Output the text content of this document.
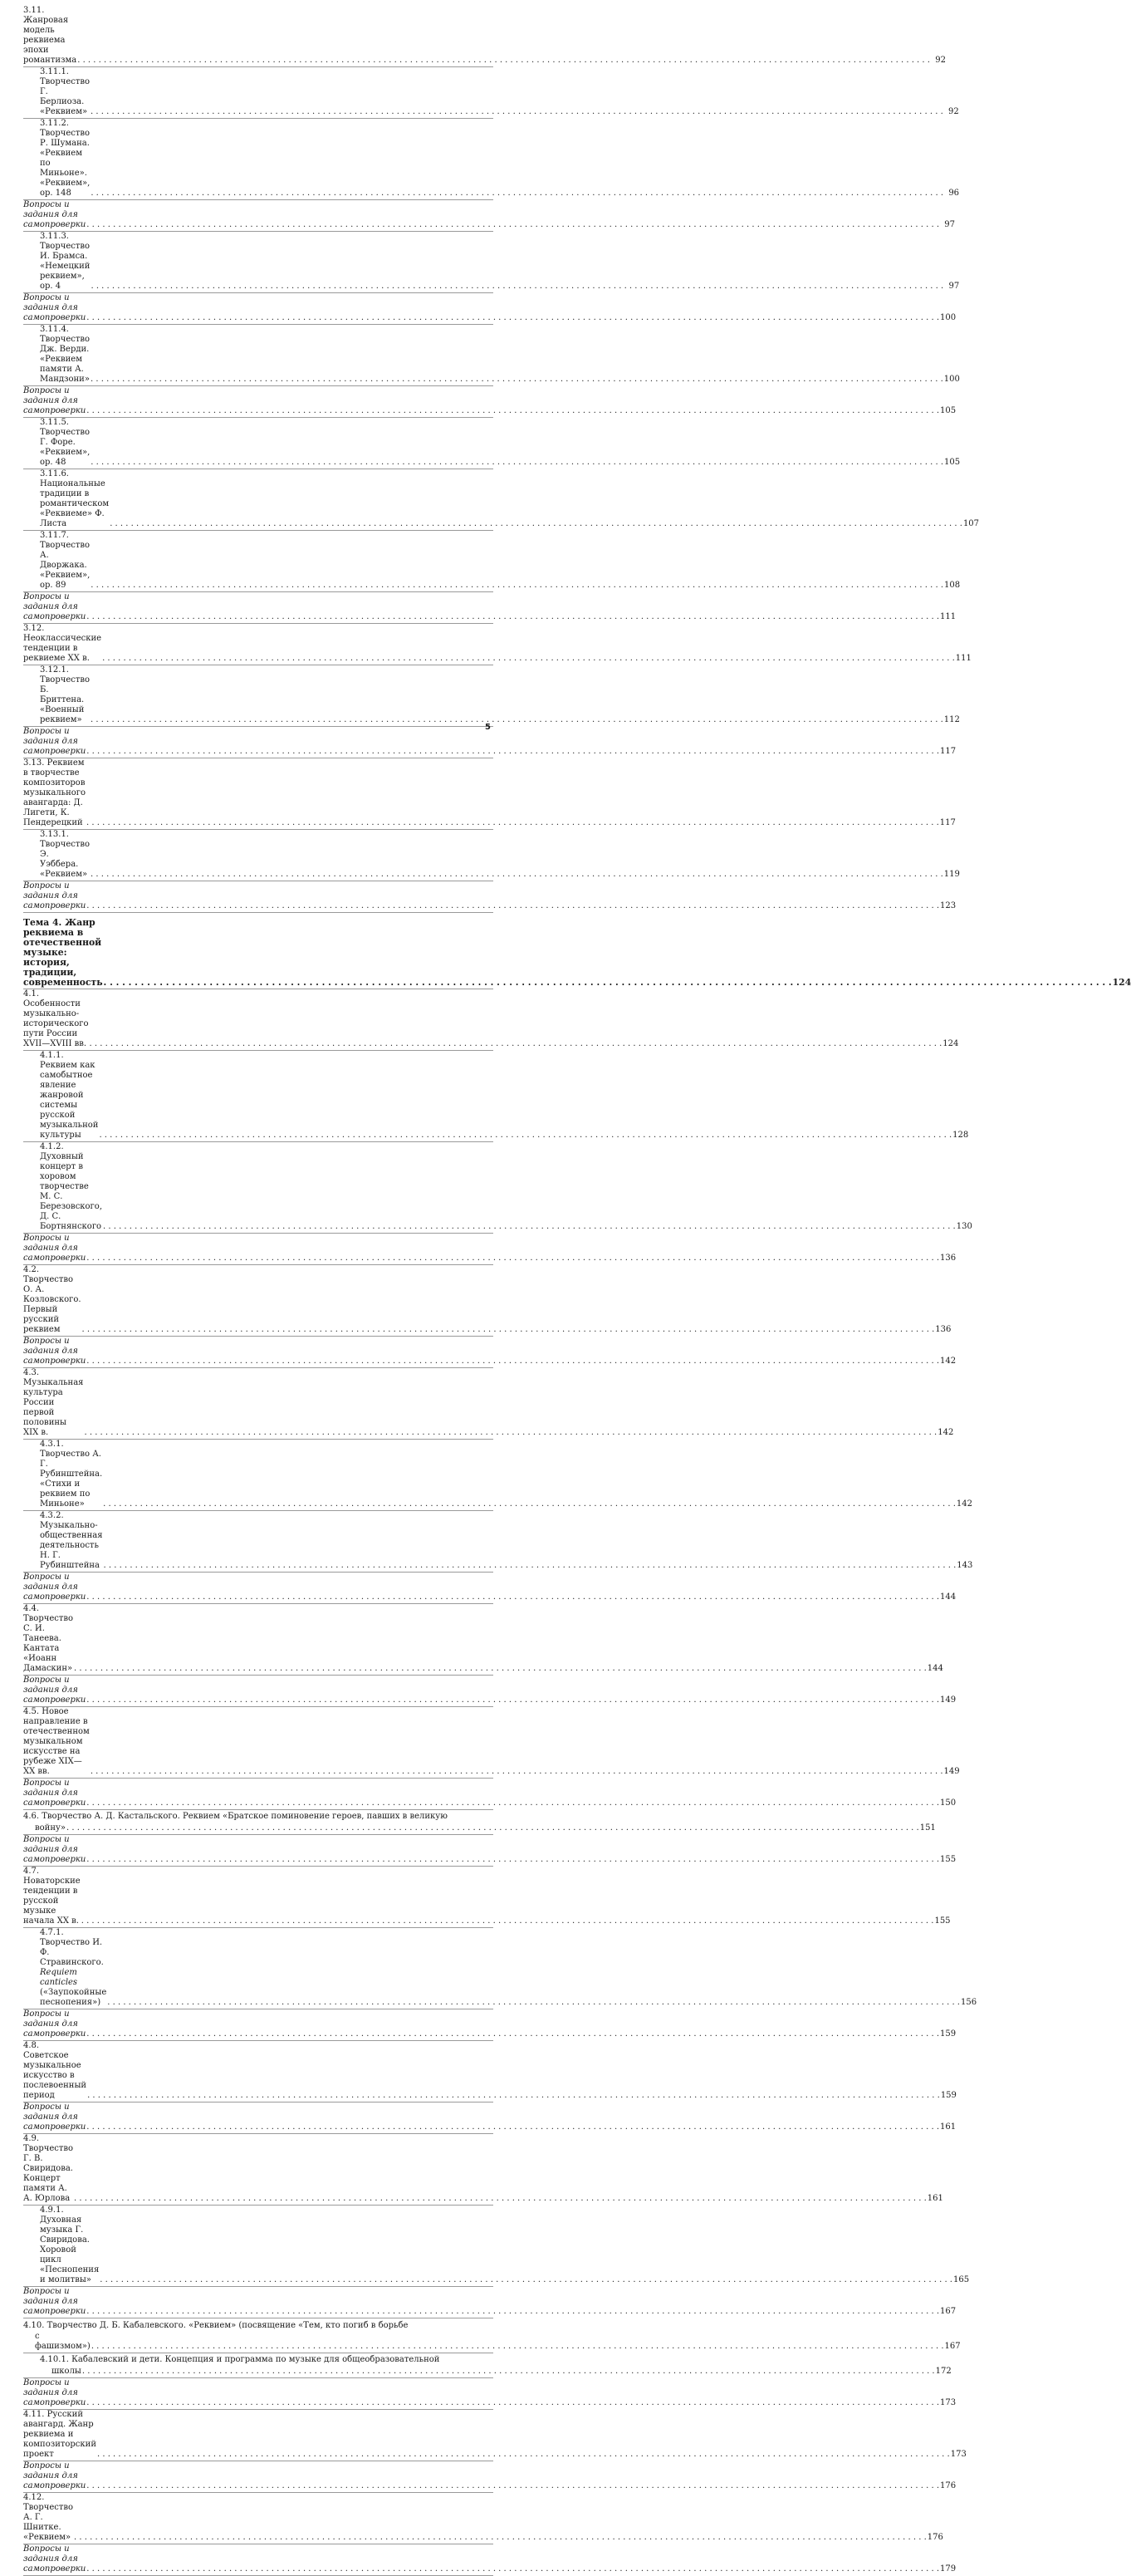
3.11. Жанровая модель реквиема эпохи романтизма . . .	92
3.11.1. Творчество Г. Берлиоза. «Реквием» . . .	92
3.11.2. Творчество Р. Шумана. «Реквием по Миньоне». «Реквием», ор. 148 . . .	96
Вопросы и задания для самопроверки . . .	97
3.11.3. Творчество И. Брамса. «Немецкий реквием», ор. 4 . . .	97
Вопросы и задания для самопроверки . . .	100
3.11.4. Творчество Дж. Верди. «Реквием памяти А. Мандзони» . . .	100
Вопросы и задания для самопроверки . . .	105
3.11.5. Творчество Г. Форе. «Реквием», ор. 48 . . .	105
3.11.6. Национальные традиции в романтическом «Реквиеме» Ф. Листа . . .	107
3.11.7. Творчество А. Дворжака. «Реквием», ор. 89 . . .	108
Вопросы и задания для самопроверки . . .	111
3.12. Неоклассические тенденции в реквиеме XX в. . . .	111
3.12.1. Творчество Б. Бриттена. «Военный реквием» . . .	112
Вопросы и задания для самопроверки . . .	117
3.13. Реквием в творчестве композиторов музыкального авангарда: Д. Лигети, К. Пендерецкий . . .	117
3.13.1. Творчество Э. Уэббера. «Реквием» . . .	119
Вопросы и задания для самопроверки . . .	123
Тема 4. Жанр реквиема в отечественной музыке: история, традиции, современность . . .	124
4.1. Особенности музыкально-исторического пути России XVII—XVIII вв. . . .	124
4.1.1. Реквием как самобытное явление жанровой системы русской музыкальной культуры . . .	128
4.1.2. Духовный концерт в хоровом творчестве М. С. Березовского, Д. С. Бортнянского . . .	130
Вопросы и задания для самопроверки . . .	136
4.2. Творчество О. А. Козловского. Первый русский реквием . . .	136
Вопросы и задания для самопроверки . . .	142
4.3. Музыкальная культура России первой половины XIX в. . . .	142
4.3.1. Творчество А. Г. Рубинштейна. «Стихи и реквием по Миньоне» . . .	142
4.3.2. Музыкально-общественная деятельность Н. Г. Рубинштейна . . .	143
Вопросы и задания для самопроверки . . .	144
4.4. Творчество С. И. Танеева. Кантата «Иоанн Дамаскин» . . .	144
Вопросы и задания для самопроверки . . .	149
4.5. Новое направление в отечественном музыкальном искусстве на рубеже XIX—XX вв. . . .	149
Вопросы и задания для самопроверки . . .	150
4.6. Творчество А. Д. Кастальского. Реквием «Братское поминовение героев, павших в великую
войну» . . .	151
Вопросы и задания для самопроверки . . .	155
4.7. Новаторские тенденции в русской музыке начала XX в. . . .	155
4.7.1. Творчество И. Ф. Стравинского. Requiem canticles («Заупокойные песнопения») . . .	156
Вопросы и задания для самопроверки . . .	159
4.8. Советское музыкальное искусство в послевоенный период . . .	159
Вопросы и задания для самопроверки . . .	161
4.9. Творчество Г. В. Свиридова. Концерт памяти А. А. Юрлова . . .	161
4.9.1. Духовная музыка Г. Свиридова. Хоровой цикл «Песнопения и молитвы» . . .	165
Вопросы и задания для самопроверки . . .	167
4.10. Творчество Д. Б. Кабалевского. «Реквием» (посвящение «Тем, кто погиб в борьбе
с фашизмом») . . .	167
4.10.1. Кабалевский и дети. Концепция и программа по музыке для общеобразовательной
школы . . .	172
Вопросы и задания для самопроверки . . .	173
4.11. Русский авангард. Жанр реквиема и композиторский проект . . .	173
Вопросы и задания для самопроверки . . .	176
4.12. Творчество А. Г. Шнитке. «Реквием» . . .	176
Вопросы и задания для самопроверки . . .	179
5
